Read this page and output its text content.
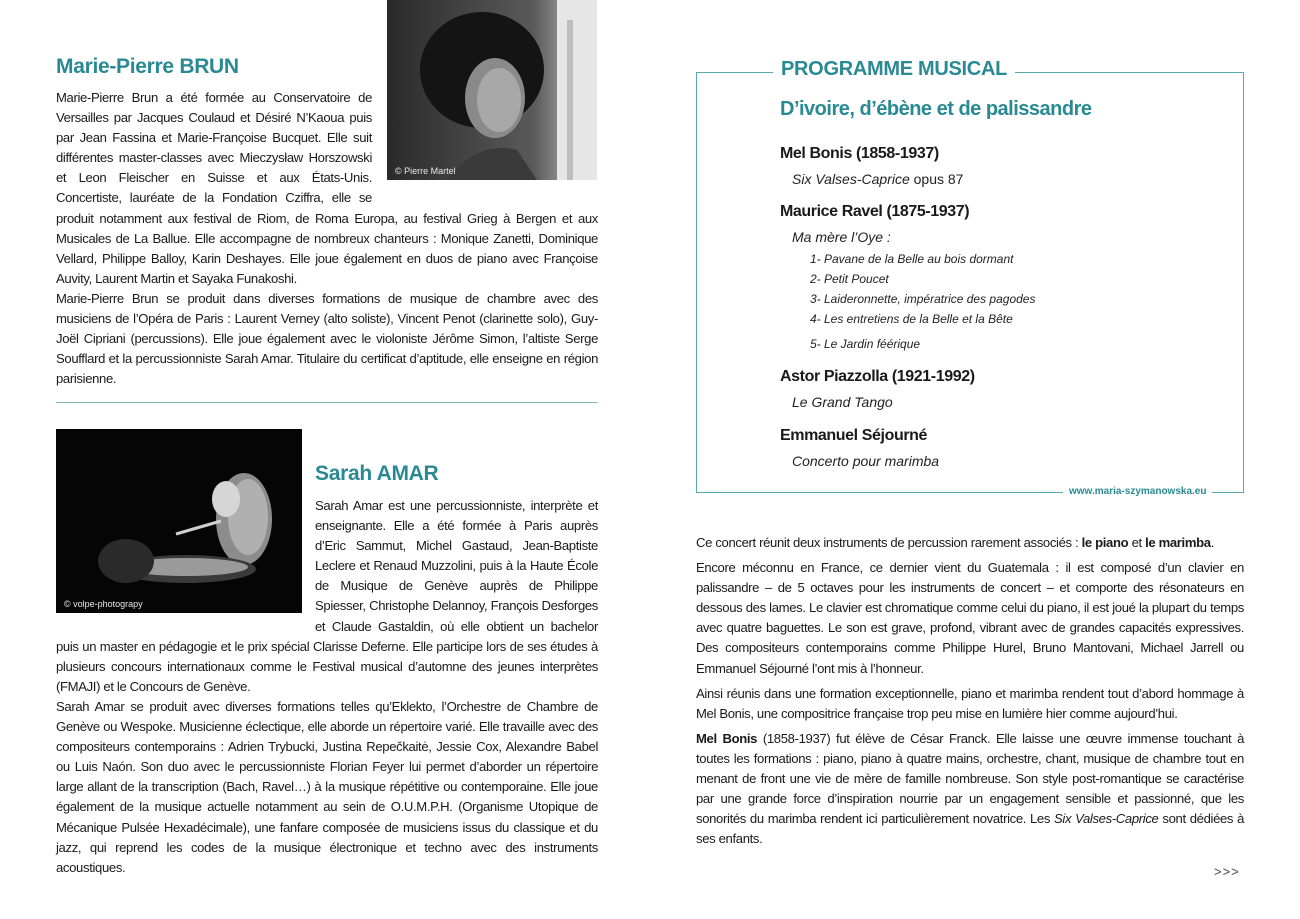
© Pierre Martel
Marie-Pierre BRUN

Marie-Pierre Brun a été formée au Conservatoire de Versailles par Jacques Coulaud et Désiré N’Kaoua puis par Jean Fassina et Marie-Françoise Bucquet. Elle suit différentes master-classes avec Mieczysław Horszowski et Leon Fleischer en Suisse et aux États-Unis. Concertiste, lauréate de la Fondation Cziffra, elle se produit notamment aux festival de Riom, de Roma Europa, au festival Grieg à Bergen et aux Musicales de La Ballue. Elle accompagne de nombreux chanteurs : Monique Zanetti, Dominique Vellard, Philippe Balloy, Karin Deshayes. Elle joue également en duos de piano avec Françoise Auvity, Laurent Martin et Sayaka Funakoshi.

Marie-Pierre Brun se produit dans diverses formations de musique de chambre avec des musiciens de l’Opéra de Paris : Laurent Verney (alto soliste), Vincent Penot (clarinette solo), Guy-Joël Cipriani (percussions). Elle joue également avec le violoniste Jérôme Simon, l’altiste Serge Soufflard et la percussionniste Sarah Amar. Titulaire du certificat d’aptitude, elle enseigne en région parisienne.

© volpe-photograpy
Sarah AMAR

Sarah Amar est une percussionniste, interprète et enseignante. Elle a été formée à Paris auprès d’Eric Sammut, Michel Gastaud, Jean-Baptiste Leclere et Renaud Muzzolini, puis à la Haute École de Musique de Genève auprès de Philippe Spiesser, Christophe Delannoy, François Desforges et Claude Gastaldin, où elle obtient un bachelor puis un master en pédagogie et le prix spécial Clarisse Deferne. Elle participe lors de ses études à plusieurs concours internationaux comme le Festival musical d’automne des jeunes interprètes (FMAJI) et le Concours de Genève.

Sarah Amar se produit avec diverses formations telles qu’Eklekto, l’Orchestre de Chambre de Genève ou Wespoke. Musicienne éclectique, elle aborde un répertoire varié. Elle travaille avec des compositeurs contemporains : Adrien Trybucki, Justina Repečkaitė, Jessie Cox, Alexandre Babel ou Luis Naón. Son duo avec le percussionniste Florian Feyer lui permet d’aborder un répertoire large allant de la transcription (Bach, Ravel…) à la musique répétitive ou contemporaine. Elle joue également de la musique actuelle notamment au sein de O.U.M.P.H. (Organisme Utopique de Mécanique Pulsée Hexadécimale), une fanfare composée de musiciens issus du classique et du jazz, qui reprend les codes de la musique électronique et techno avec des instruments acoustiques.

PROGRAMME MUSICAL
D’ivoire, d’ébène et de palissandre
Mel Bonis (1858-1937)
Six Valses-Caprice opus 87
Maurice Ravel (1875-1937)
Ma mère l’Oye :
1- Pavane de la Belle au bois dormant
2- Petit Poucet
3- Laideronnette, impératrice des pagodes
4- Les entretiens de la Belle et la Bête
5- Le Jardin féérique
Astor Piazzolla (1921-1992)
Le Grand Tango
Emmanuel Séjourné
Concerto pour marimba
www.maria-szymanowska.eu

Ce concert réunit deux instruments de percussion rarement associés : le piano et le marimba.

Encore méconnu en France, ce dernier vient du Guatemala : il est composé d’un clavier en palissandre – de 5 octaves pour les instruments de concert – et comporte des résonateurs en dessous des lames. Le clavier est chromatique comme celui du piano, il est joué la plupart du temps avec quatre baguettes. Le son est grave, profond, vibrant avec de grandes capacités expressives. Des compositeurs contemporains comme Philippe Hurel, Bruno Mantovani, Michael Jarrell ou Emmanuel Séjourné l’ont mis à l’honneur.

Ainsi réunis dans une formation exceptionnelle, piano et marimba rendent tout d’abord hommage à Mel Bonis, une compositrice française trop peu mise en lumière hier comme aujourd’hui.

Mel Bonis (1858-1937) fut élève de César Franck. Elle laisse une œuvre immense touchant à toutes les formations : piano, piano à quatre mains, orchestre, chant, musique de chambre tout en menant de front une vie de mère de famille nombreuse. Son style post-romantique se caractérise par une grande force d’inspiration nourrie par un engagement sensible et passionné, que les sonorités du marimba rendent ici particulièrement novatrice. Les Six Valses-Caprice sont dédiées à ses enfants.

>>>
